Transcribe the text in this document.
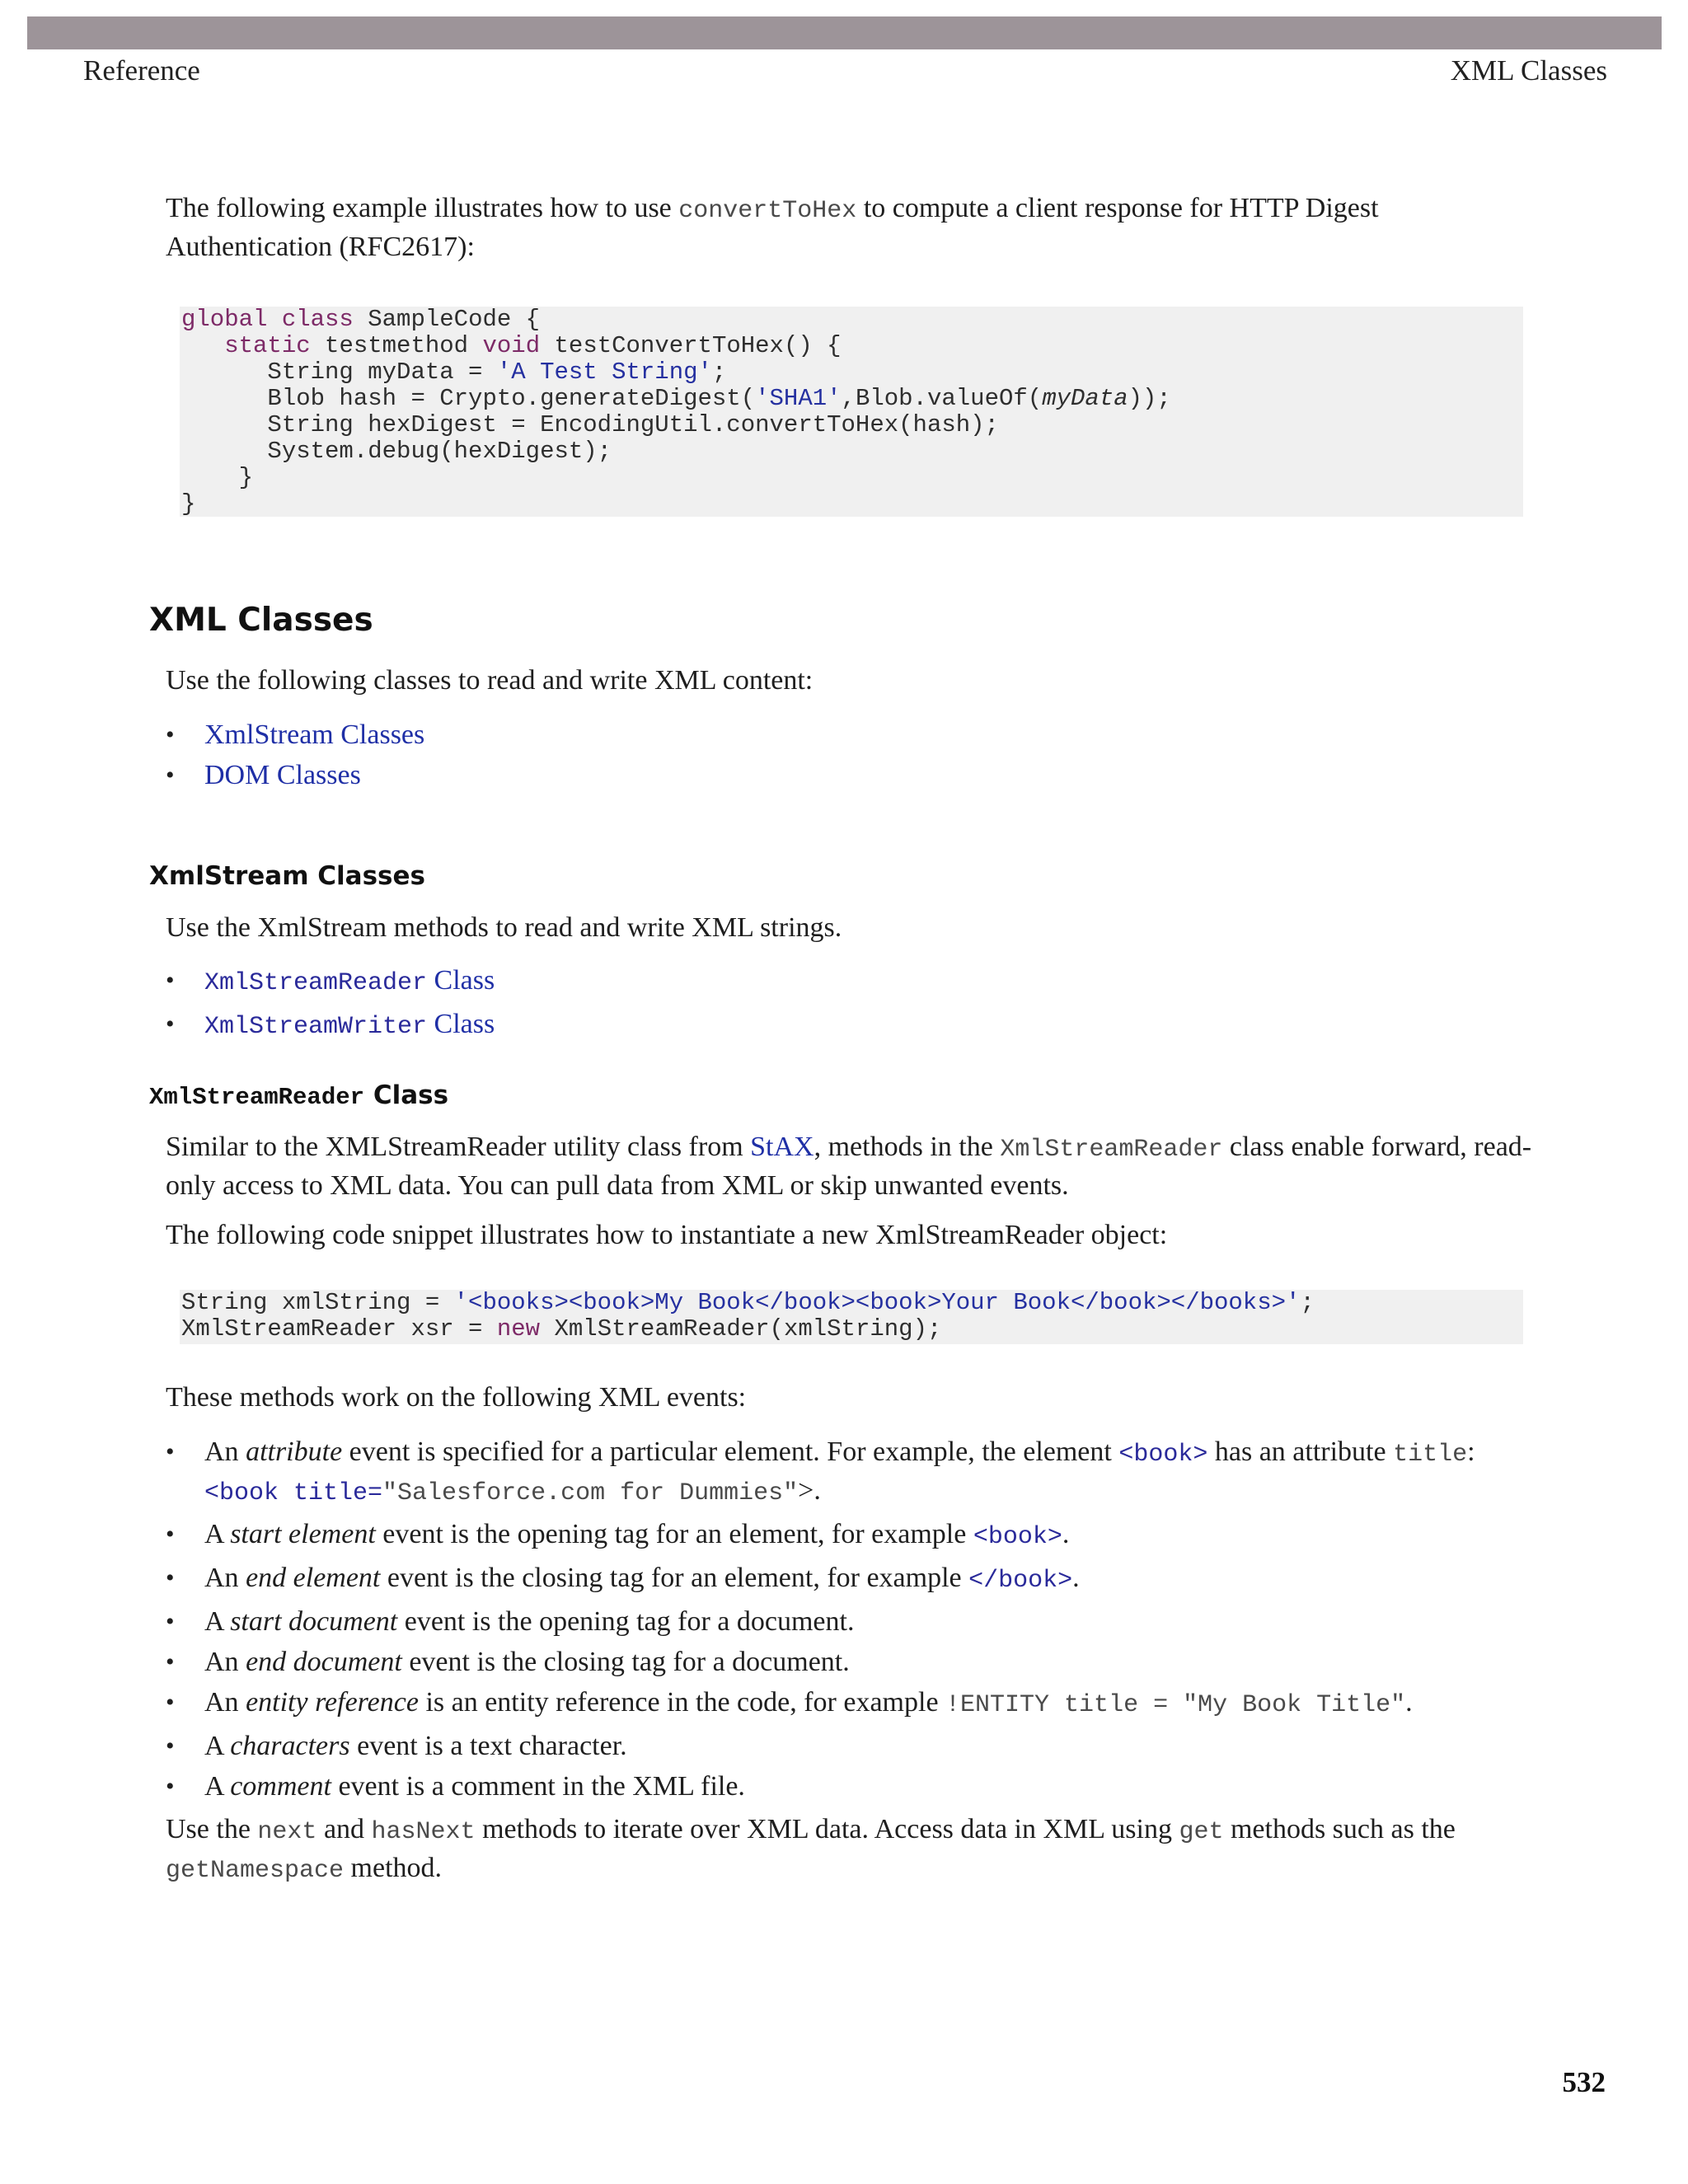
Reference	XML Classes

The following example illustrates how to use convertToHex to compute a client response for HTTP Digest Authentication (RFC2617):

global class SampleCode {
static testmethod void testConvertToHex() {
String myData = 'A Test String';
Blob hash = Crypto.generateDigest('SHA1',Blob.valueOf(myData));
String hexDigest = EncodingUtil.convertToHex(hash);
System.debug(hexDigest);
}
}
XML Classes

Use the following classes to read and write XML content:

• XmlStream Classes
• DOM Classes
XmlStream Classes

Use the XmlStream methods to read and write XML strings.

• XmlStreamReader Class
• XmlStreamWriter Class
XmlStreamReader Class

Similar to the XMLStreamReader utility class from StAX, methods in the XmlStreamReader class enable forward, read-only access to XML data. You can pull data from XML or skip unwanted events.

The following code snippet illustrates how to instantiate a new XmlStreamReader object:

String xmlString = '<books><book>My Book</book><book>Your Book</book></books>';
XmlStreamReader xsr = new XmlStreamReader(xmlString);

These methods work on the following XML events:

• An attribute event is specified for a particular element. For example, the element <book> has an attribute title: <book title="Salesforce.com for Dummies">.
• A start element event is the opening tag for an element, for example <book>.
• An end element event is the closing tag for an element, for example </book>.
• A start document event is the opening tag for a document.
• An end document event is the closing tag for a document.
• An entity reference is an entity reference in the code, for example !ENTITY title = "My Book Title".
• A characters event is a text character.
• A comment event is a comment in the XML file.

Use the next and hasNext methods to iterate over XML data. Access data in XML using get methods such as the getNamespace method.

532
